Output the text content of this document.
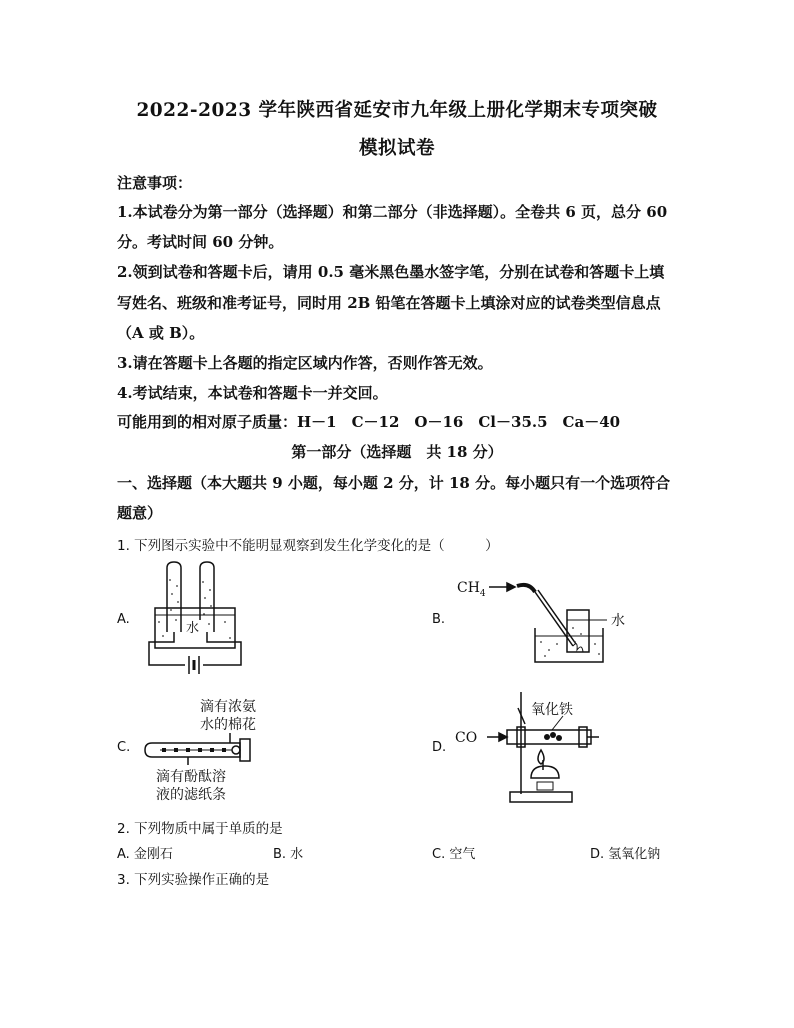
2022-2023 学年陕西省延安市九年级上册化学期末专项突破
模拟试卷
注意事项：
1.本试卷分为第一部分（选择题）和第二部分（非选择题）。全卷共 6 页，总分 60
分。考试时间 60 分钟。
2.领到试卷和答题卡后，请用 0.5 毫米黑色墨水签字笔，分别在试卷和答题卡上填
写姓名、班级和准考证号，同时用 2B 铅笔在答题卡上填涂对应的试卷类型信息点
（A 或 B）。
3.请在答题卡上各题的指定区域内作答，否则作答无效。
4.考试结束，本试卷和答题卡一并交回。
可能用到的相对原子质量：H－1　C－12　O－16　Cl－35.5　Ca－40
第一部分（选择题　共 18 分）
一、选择题（本大题共 9 小题，每小题 2 分，计 18 分。每小题只有一个选项符合
题意）
1. 下列图示实验中不能明显观察到发生化学变化的是（　　　）
A.	B.
C.	D.
水
$CH_4$
水
滴有浓氨
水的棉花
滴有酚酞溶
液的滤纸条
CO
氧化铁
2. 下列物质中属于单质的是
A. 金刚石	B. 水	C. 空气	D. 氢氧化钠
3. 下列实验操作正确的是
